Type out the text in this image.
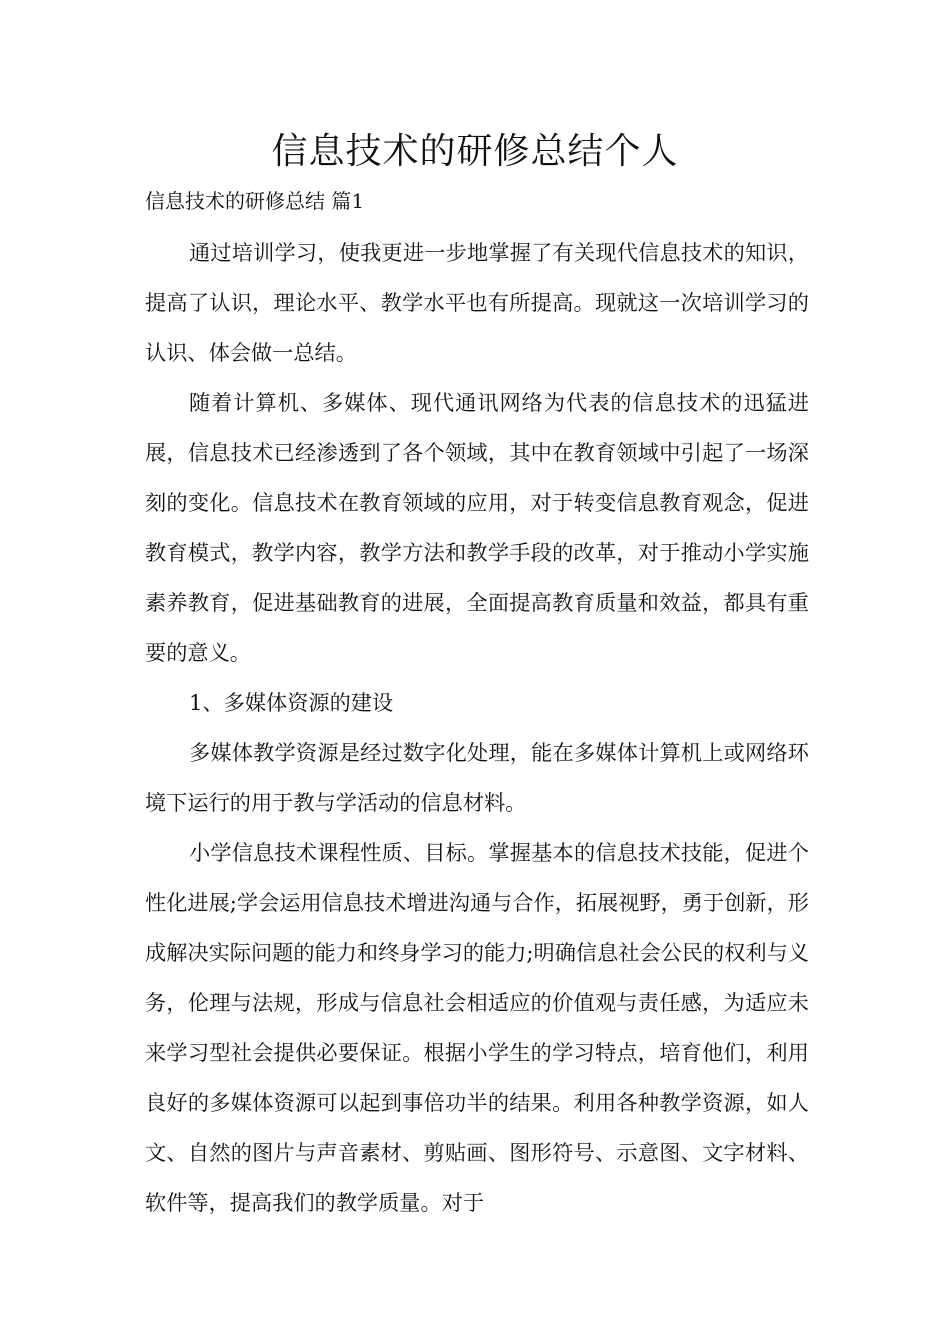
信息技术的研修总结个人

信息技术的研修总结 篇1

通过培训学习，使我更进一步地掌握了有关现代信息技术的知识，提高了认识，理论水平、教学水平也有所提高。现就这一次培训学习的认识、体会做一总结。

随着计算机、多媒体、现代通讯网络为代表的信息技术的迅猛进展，信息技术已经渗透到了各个领域，其中在教育领域中引起了一场深刻的变化。信息技术在教育领域的应用，对于转变信息教育观念，促进教育模式，教学内容，教学方法和教学手段的改革，对于推动小学实施素养教育，促进基础教育的进展，全面提高教育质量和效益，都具有重要的意义。

1、多媒体资源的建设

多媒体教学资源是经过数字化处理，能在多媒体计算机上或网络环境下运行的用于教与学活动的信息材料。

小学信息技术课程性质、目标。掌握基本的信息技术技能，促进个性化进展;学会运用信息技术增进沟通与合作，拓展视野，勇于创新，形成解决实际问题的能力和终身学习的能力;明确信息社会公民的权利与义务，伦理与法规，形成与信息社会相适应的价值观与责任感，为适应未来学习型社会提供必要保证。根据小学生的学习特点，培育他们，利用良好的多媒体资源可以起到事倍功半的结果。利用各种教学资源，如人文、自然的图片与声音素材、剪贴画、图形符号、示意图、文字材料、软件等，提高我们的教学质量。对于
